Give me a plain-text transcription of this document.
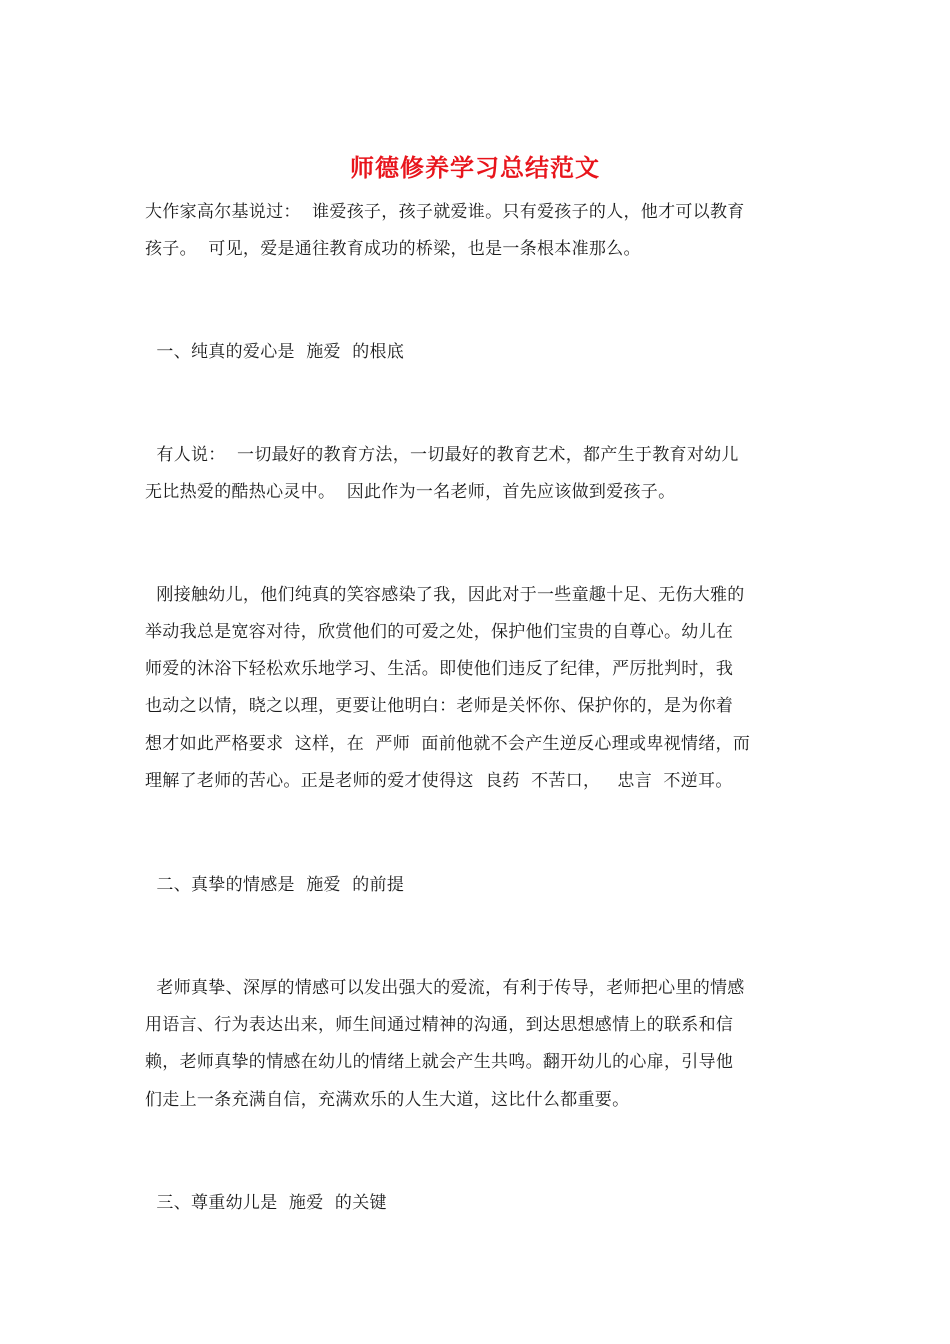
师德修养学习总结范文
大作家高尔基说过：  谁爱孩子，孩子就爱谁。只有爱孩子的人，他才可以教育
孩子。  可见，爱是通往教育成功的桥梁，也是一条根本准那么。
一、纯真的爱心是  施爱  的根底
有人说：  一切最好的教育方法，一切最好的教育艺术，都产生于教育对幼儿
无比热爱的酷热心灵中。  因此作为一名老师，首先应该做到爱孩子。
刚接触幼儿，他们纯真的笑容感染了我，因此对于一些童趣十足、无伤大雅的
举动我总是宽容对待，欣赏他们的可爱之处，保护他们宝贵的自尊心。幼儿在
师爱的沐浴下轻松欢乐地学习、生活。即使他们违反了纪律，严厉批判时，我
也动之以情，晓之以理，更要让他明白：老师是关怀你、保护你的，是为你着
想才如此严格要求  这样，在  严师  面前他就不会产生逆反心理或卑视情绪，而
理解了老师的苦心。正是老师的爱才使得这  良药  不苦口，   忠言  不逆耳。
二、真挚的情感是  施爱  的前提
老师真挚、深厚的情感可以发出强大的爱流，有利于传导，老师把心里的情感
用语言、行为表达出来，师生间通过精神的沟通，到达思想感情上的联系和信
赖，老师真挚的情感在幼儿的情绪上就会产生共鸣。翻开幼儿的心扉，引导他
们走上一条充满自信，充满欢乐的人生大道，这比什么都重要。
三、尊重幼儿是  施爱  的关键
